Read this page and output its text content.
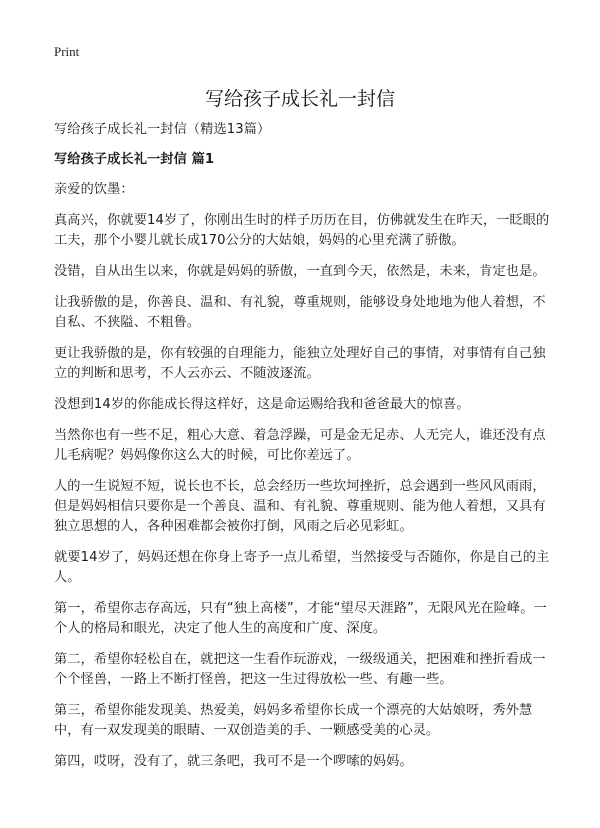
Print
写给孩子成长礼一封信

写给孩子成长礼一封信（精选13篇）

写给孩子成长礼一封信 篇1

亲爱的饮墨：

真高兴，你就要14岁了，你刚出生时的样子历历在目，仿佛就发生在昨天，一眨眼的工夫，那个小婴儿就长成170公分的大姑娘，妈妈的心里充满了骄傲。

没错，自从出生以来，你就是妈妈的骄傲，一直到今天，依然是，未来，肯定也是。

让我骄傲的是，你善良、温和、有礼貌，尊重规则，能够设身处地地为他人着想，不自私、不狭隘、不粗鲁。

更让我骄傲的是，你有较强的自理能力，能独立处理好自己的事情，对事情有自己独立的判断和思考，不人云亦云、不随波逐流。

没想到14岁的你能成长得这样好，这是命运赐给我和爸爸最大的惊喜。

当然你也有一些不足，粗心大意、着急浮躁，可是金无足赤、人无完人，谁还没有点儿毛病呢？妈妈像你这么大的时候，可比你差远了。

人的一生说短不短，说长也不长，总会经历一些坎坷挫折，总会遇到一些风风雨雨，但是妈妈相信只要你是一个善良、温和、有礼貌、尊重规则、能为他人着想，又具有独立思想的人，各种困难都会被你打倒，风雨之后必见彩虹。

就要14岁了，妈妈还想在你身上寄予一点儿希望，当然接受与否随你，你是自己的主人。

第一，希望你志存高远，只有“独上高楼”，才能“望尽天涯路”，无限风光在险峰。一个人的格局和眼光，决定了他人生的高度和广度、深度。

第二，希望你轻松自在，就把这一生看作玩游戏，一级级通关，把困难和挫折看成一个个怪兽，一路上不断打怪兽，把这一生过得放松一些、有趣一些。

第三，希望你能发现美、热爱美，妈妈多希望你长成一个漂亮的大姑娘呀，秀外慧中，有一双发现美的眼睛、一双创造美的手、一颗感受美的心灵。

第四，哎呀，没有了，就三条吧，我可不是一个啰嗦的妈妈。
